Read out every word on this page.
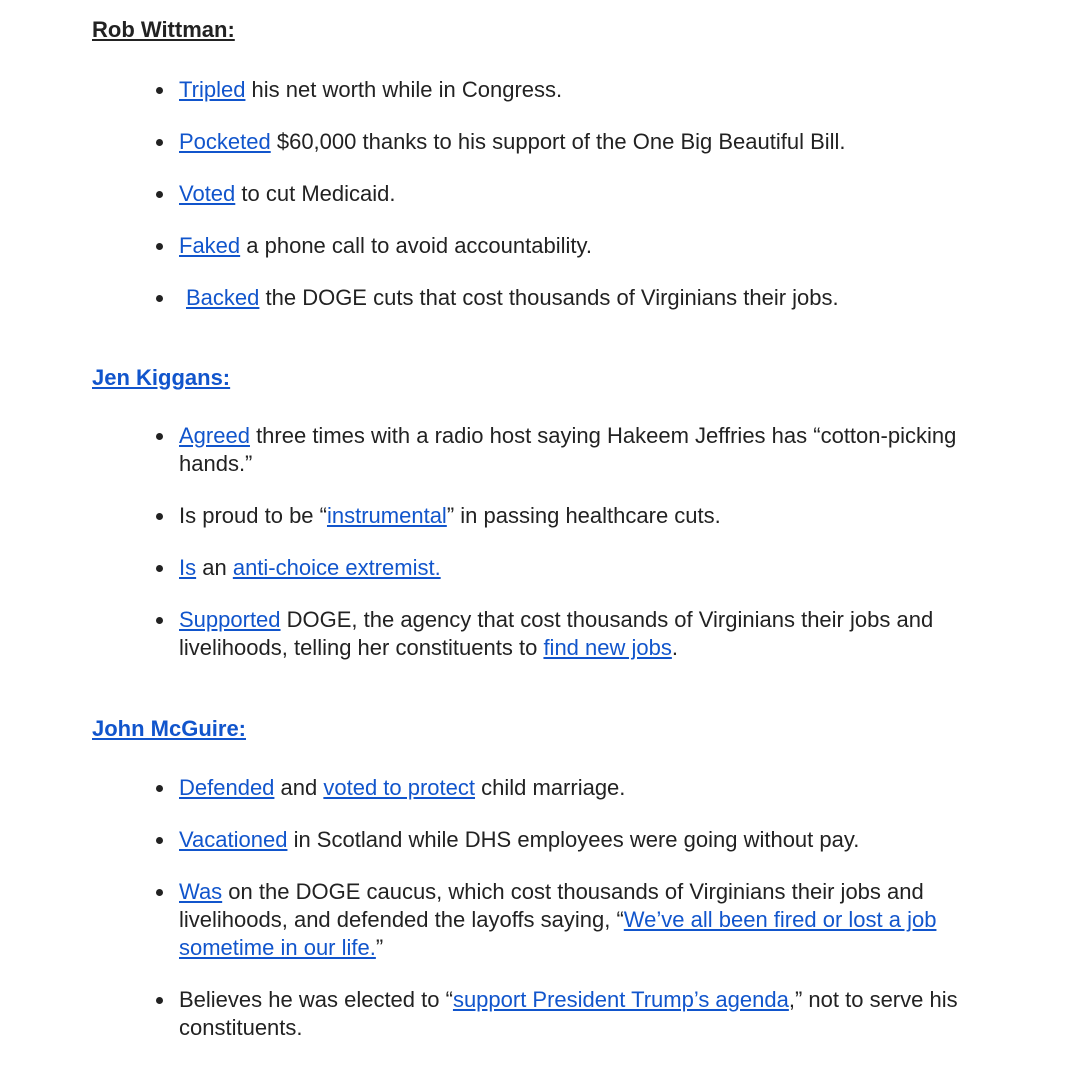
Rob Wittman:
Tripled his net worth while in Congress.
Pocketed $60,000 thanks to his support of the One Big Beautiful Bill.
Voted to cut Medicaid.
Faked a phone call to avoid accountability.
Backed the DOGE cuts that cost thousands of Virginians their jobs.
Jen Kiggans:
Agreed three times with a radio host saying Hakeem Jeffries has “cotton-picking hands.”
Is proud to be “instrumental” in passing healthcare cuts.
Is an anti-choice extremist.
Supported DOGE, the agency that cost thousands of Virginians their jobs and livelihoods, telling her constituents to find new jobs.
John McGuire:
Defended and voted to protect child marriage.
Vacationed in Scotland while DHS employees were going without pay.
Was on the DOGE caucus, which cost thousands of Virginians their jobs and livelihoods, and defended the layoffs saying, “We’ve all been fired or lost a job sometime in our life.”
Believes he was elected to “support President Trump’s agenda,” not to serve his constituents.
